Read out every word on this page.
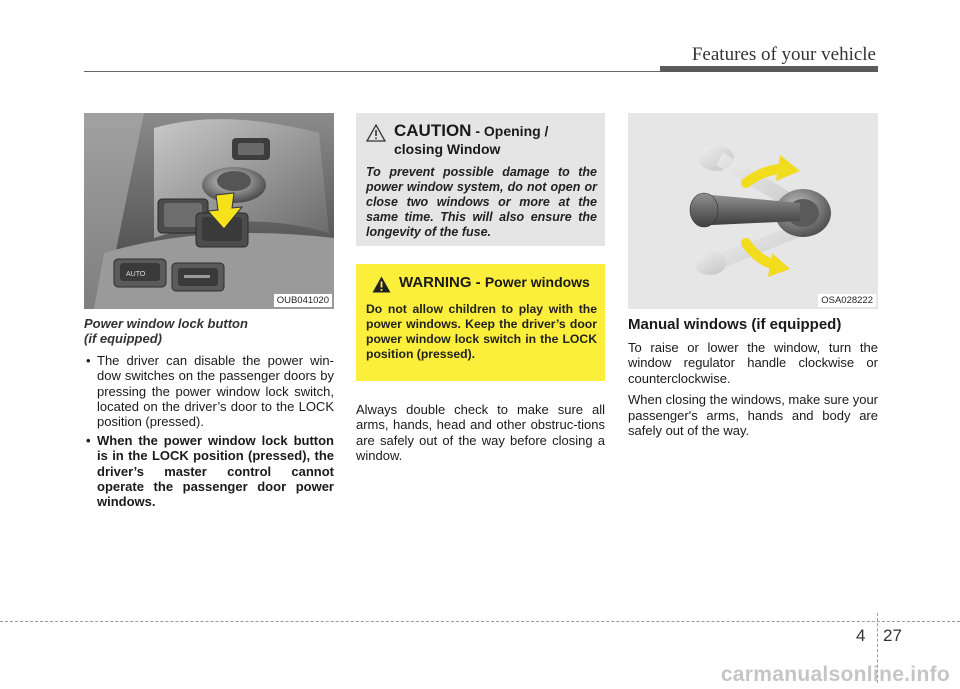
Features of your vehicle
AUTO
OUB041020
Power window lock button
(if equipped)
• The driver can disable the power win-dow switches on the passenger doors by pressing the power window lock switch, located on the driver’s door to the LOCK position (pressed).
• When the power window lock button is in the LOCK position (pressed), the driver’s master control cannot operate the passenger door power windows.
CAUTION - Opening / closing Window
To prevent possible damage to the power window system, do not open or close two windows or more at the same time. This will also ensure the longevity of the fuse.
WARNING - Power windows
Do not allow children to play with the power windows. Keep the driver’s door power window lock switch in the LOCK position (pressed).
Always double check to make sure all arms, hands, head and other obstruc-tions are safely out of the way before closing a window.
OSA028222
Manual windows (if equipped)

To raise or lower the window, turn the window regulator handle clockwise or counterclockwise.

When closing the windows, make sure your passenger's arms, hands and body are safely out of the way.

4 27
carmanualsonline.info
